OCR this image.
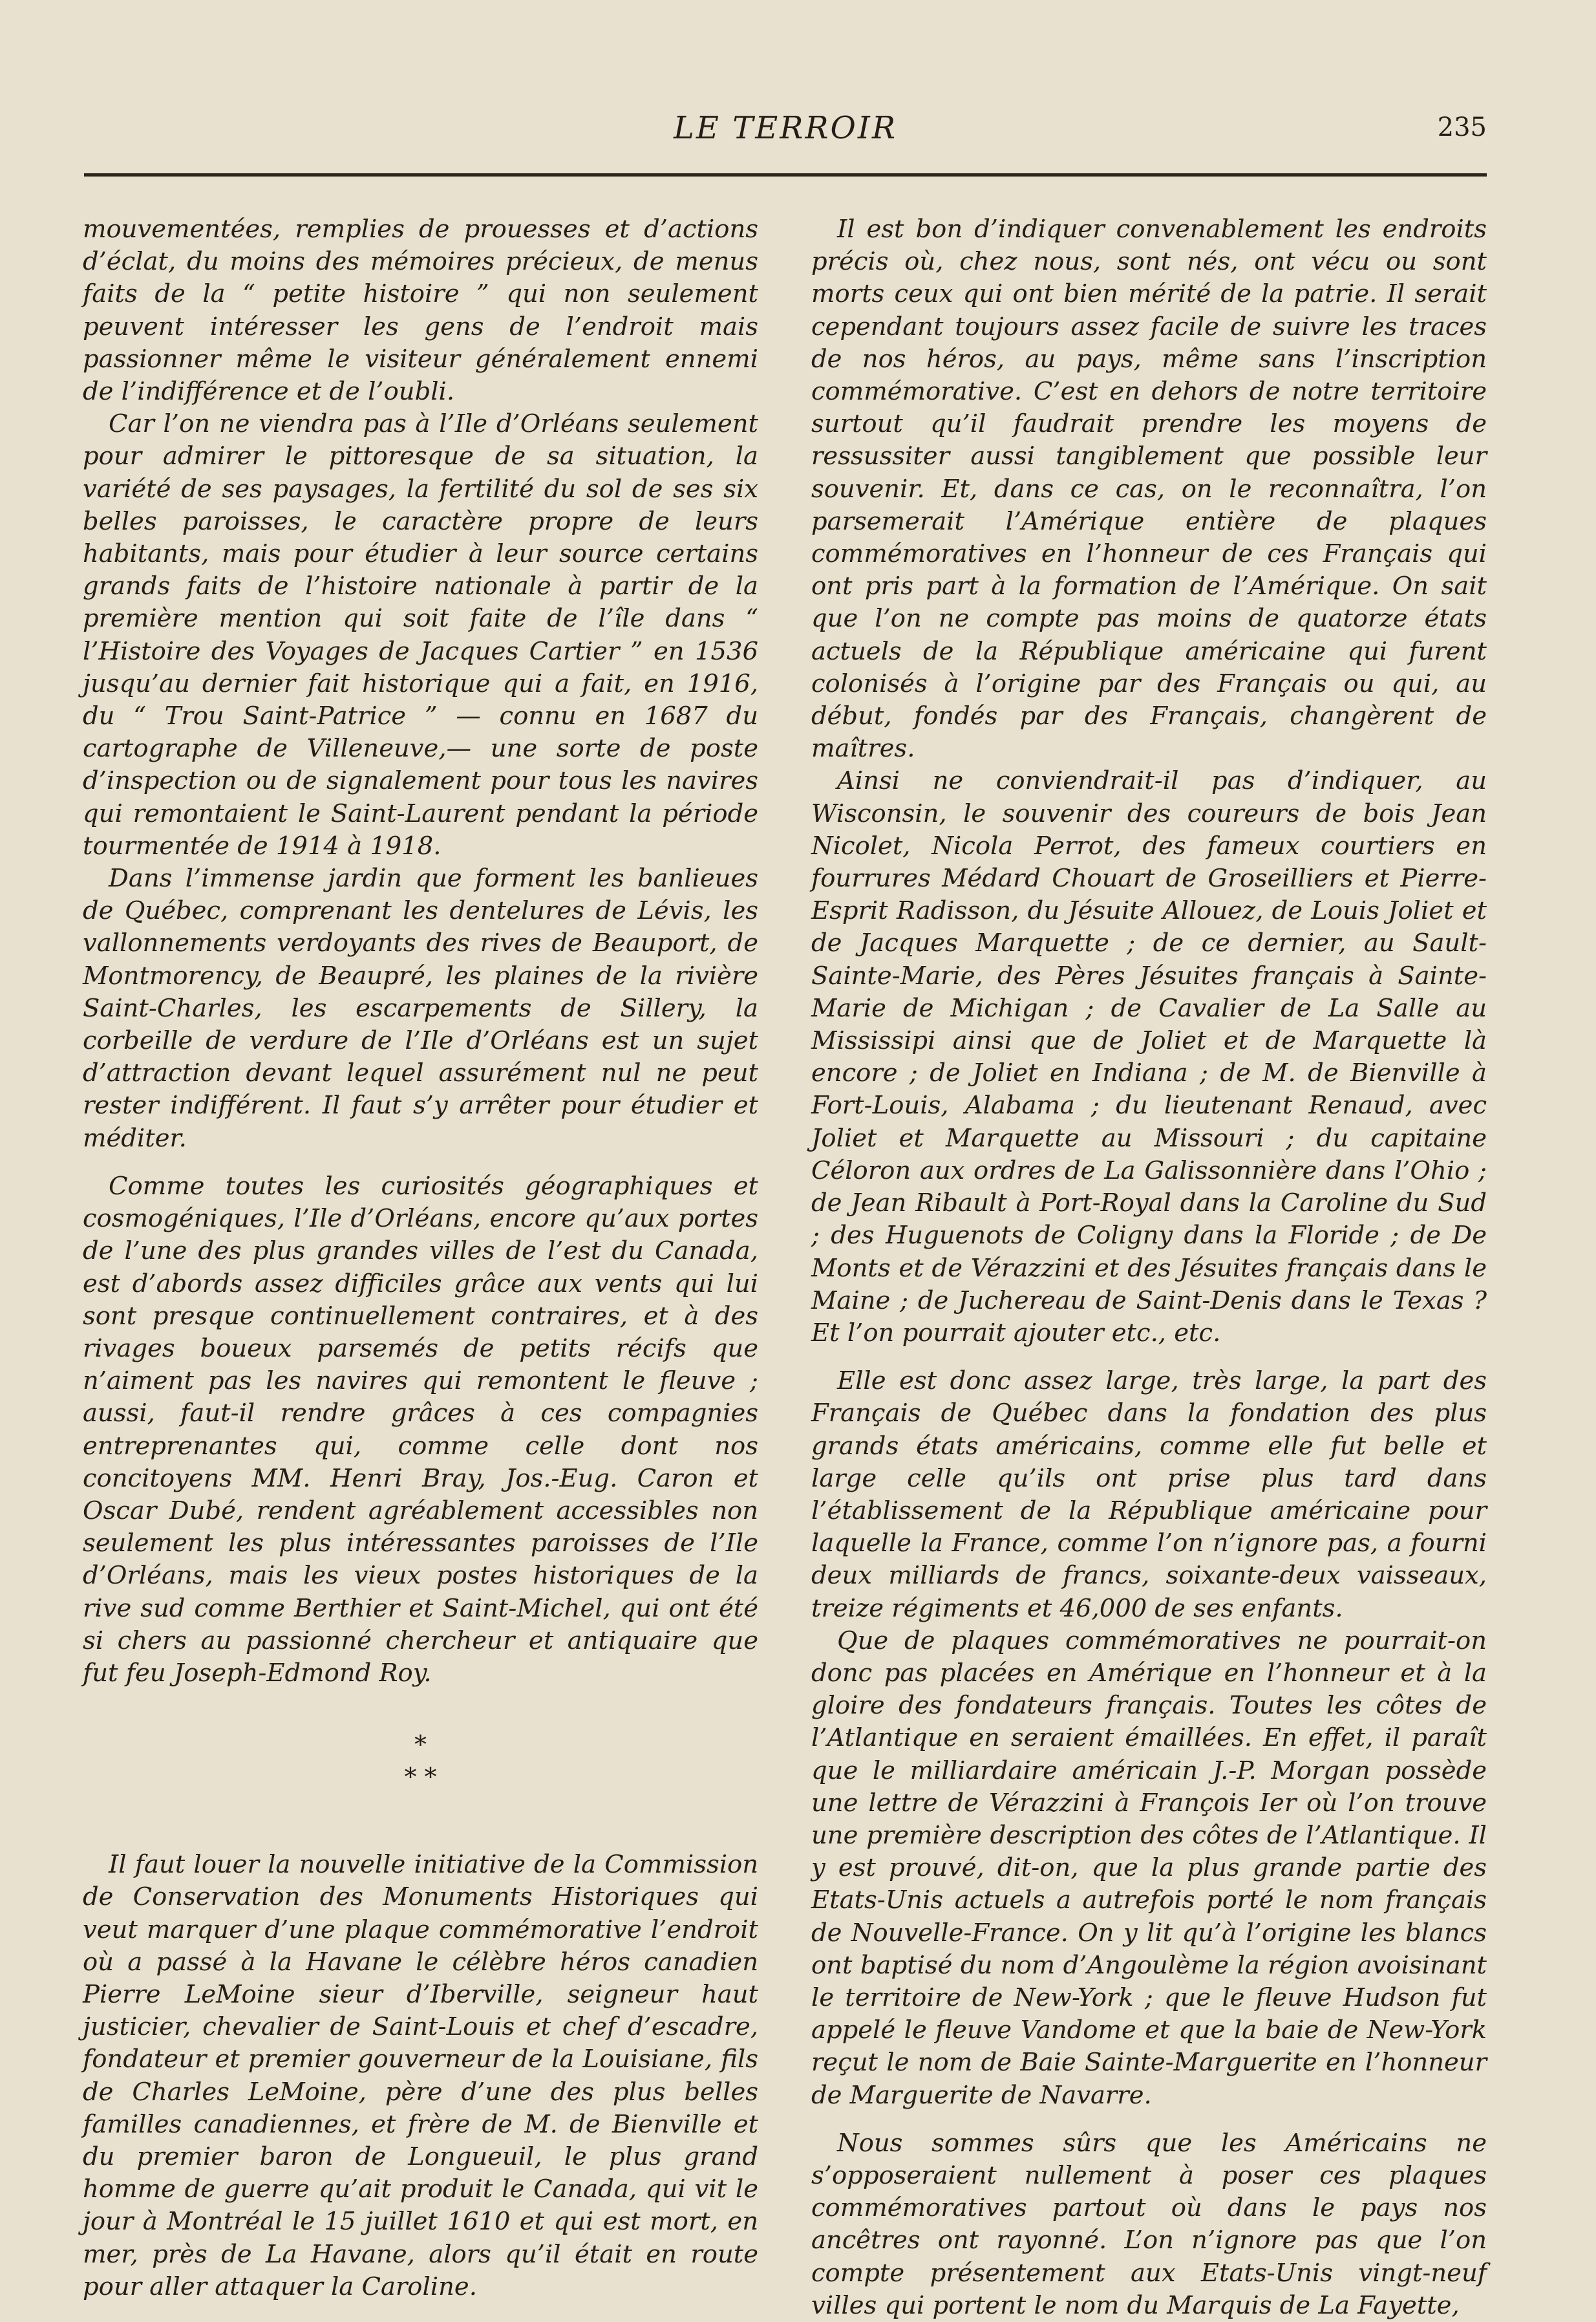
LE TERROIR	235

mouvementées, remplies de prouesses et d’actions d’éclat, du moins des mémoires précieux, de menus faits de la “ petite histoire ” qui non seulement peuvent intéresser les gens de l’endroit mais passionner même le visiteur généralement ennemi de l’indifférence et de l’oubli.

Car l’on ne viendra pas à l’Ile d’Orléans seulement pour admirer le pittoresque de sa situation, la variété de ses paysages, la fertilité du sol de ses six belles paroisses, le caractère propre de leurs habitants, mais pour étudier à leur source certains grands faits de l’histoire nationale à partir de la première mention qui soit faite de l’île dans “ l’Histoire des Voyages de Jacques Cartier ” en 1536 jusqu’au dernier fait historique qui a fait, en 1916, du “ Trou Saint-Patrice ” — connu en 1687 du cartographe de Villeneuve,— une sorte de poste d’inspection ou de signalement pour tous les navires qui remontaient le Saint-Laurent pendant la période tourmentée de 1914 à 1918.

Dans l’immense jardin que forment les banlieues de Québec, comprenant les dentelures de Lévis, les vallonnements verdoyants des rives de Beauport, de Montmorency, de Beaupré, les plaines de la rivière Saint-Charles, les escarpements de Sillery, la corbeille de verdure de l’Ile d’Orléans est un sujet d’attraction devant lequel assurément nul ne peut rester indifférent. Il faut s’y arrêter pour étudier et méditer.

Comme toutes les curiosités géographiques et cosmogéniques, l’Ile d’Orléans, encore qu’aux portes de l’une des plus grandes villes de l’est du Canada, est d’abords assez difficiles grâce aux vents qui lui sont presque continuellement contraires, et à des rivages boueux parsemés de petits récifs que n’aiment pas les navires qui remontent le fleuve ; aussi, faut-il rendre grâces à ces compagnies entreprenantes qui, comme celle dont nos concitoyens MM. Henri Bray, Jos.-Eug. Caron et Oscar Dubé, rendent agréablement accessibles non seulement les plus intéressantes paroisses de l’Ile d’Orléans, mais les vieux postes historiques de la rive sud comme Berthier et Saint-Michel, qui ont été si chers au passionné chercheur et antiquaire que fut feu Joseph-Edmond Roy.

*
* *

Il faut louer la nouvelle initiative de la Commission de Conservation des Monuments Historiques qui veut marquer d’une plaque commémorative l’endroit où a passé à la Havane le célèbre héros canadien Pierre LeMoine sieur d’Iberville, seigneur haut justicier, chevalier de Saint-Louis et chef d’escadre, fondateur et premier gouverneur de la Louisiane, fils de Charles LeMoine, père d’une des plus belles familles canadiennes, et frère de M. de Bienville et du premier baron de Longueuil, le plus grand homme de guerre qu’ait produit le Canada, qui vit le jour à Montréal le 15 juillet 1610 et qui est mort, en mer, près de La Havane, alors qu’il était en route pour aller attaquer la Caroline.

Il est bon d’indiquer convenablement les endroits précis où, chez nous, sont nés, ont vécu ou sont morts ceux qui ont bien mérité de la patrie. Il serait cependant toujours assez facile de suivre les traces de nos héros, au pays, même sans l’inscription commémorative. C’est en dehors de notre territoire surtout qu’il faudrait prendre les moyens de ressussiter aussi tangiblement que possible leur souvenir. Et, dans ce cas, on le reconnaîtra, l’on parsemerait l’Amérique entière de plaques commémoratives en l’honneur de ces Français qui ont pris part à la formation de l’Amérique. On sait que l’on ne compte pas moins de quatorze états actuels de la République américaine qui furent colonisés à l’origine par des Français ou qui, au début, fondés par des Français, changèrent de maîtres.

Ainsi ne conviendrait-il pas d’indiquer, au Wisconsin, le souvenir des coureurs de bois Jean Nicolet, Nicola Perrot, des fameux courtiers en fourrures Médard Chouart de Groseilliers et Pierre-Esprit Radisson, du Jésuite Allouez, de Louis Joliet et de Jacques Marquette ; de ce dernier, au Sault-Sainte-Marie, des Pères Jésuites français à Sainte-Marie de Michigan ; de Cavalier de La Salle au Mississipi ainsi que de Joliet et de Marquette là encore ; de Joliet en Indiana ; de M. de Bienville à Fort-Louis, Alabama ; du lieutenant Renaud, avec Joliet et Marquette au Missouri ; du capitaine Céloron aux ordres de La Galissonnière dans l’Ohio ; de Jean Ribault à Port-Royal dans la Caroline du Sud ; des Huguenots de Coligny dans la Floride ; de De Monts et de Vérazzini et des Jésuites français dans le Maine ; de Juchereau de Saint-Denis dans le Texas ? Et l’on pourrait ajouter etc., etc.

Elle est donc assez large, très large, la part des Français de Québec dans la fondation des plus grands états américains, comme elle fut belle et large celle qu’ils ont prise plus tard dans l’établissement de la République américaine pour laquelle la France, comme l’on n’ignore pas, a fourni deux milliards de francs, soixante-deux vaisseaux, treize régiments et 46,000 de ses enfants.

Que de plaques commémoratives ne pourrait-on donc pas placées en Amérique en l’honneur et à la gloire des fondateurs français. Toutes les côtes de l’Atlantique en seraient émaillées. En effet, il paraît que le milliardaire américain J.-P. Morgan possède une lettre de Vérazzini à François Ier où l’on trouve une première description des côtes de l’Atlantique. Il y est prouvé, dit-on, que la plus grande partie des Etats-Unis actuels a autrefois porté le nom français de Nouvelle-France. On y lit qu’à l’origine les blancs ont baptisé du nom d’Angoulème la région avoisinant le territoire de New-York ; que le fleuve Hudson fut appelé le fleuve Vandome et que la baie de New-York reçut le nom de Baie Sainte-Marguerite en l’honneur de Marguerite de Navarre.

Nous sommes sûrs que les Américains ne s’opposeraient nullement à poser ces plaques commémoratives partout où dans le pays nos ancêtres ont rayonné. L’on n’ignore pas que l’on compte présentement aux Etats-Unis vingt-neuf villes qui portent le nom du Marquis de La Fayette,
